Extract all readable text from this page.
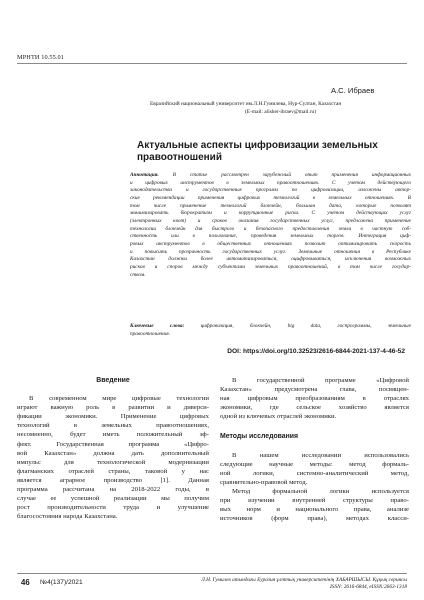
МРНТИ 10.55.01
А.С. Ибраев
Евразийский национальный университет им.Л.Н.Гумилева, Нур-Султан, Казахстан
(E-mail: alisher-ibraev@mail.ru)
Актуальные аспекты цифровизации земельных
правоотношений
Аннотация.	В статье рассмотрен зарубежный опыт применения информационных
и цифровых инструментов в земельных правоотношениях. С учетом действующего
законодательства и государственных программ по цифровизации, изложены автор-
ские рекомендации применения цифровых технологий в земельных отношениях. В
том числе применение технологий блокчейн, большая дата, которые позволят
минимизировать бюрократизм и коррупционные риски. С учетом действующих услуг
(электронных квот) и сроков оказания государственных услуг, предложена применение
технологии блокчейн для быстрого и безопасного предоставления земли в частную соб-
ственность или в пользование, проведения земельных торгов. Интеграция циф-
ровых инструментов в общественных отношениях позволит оптимизировать скорость
и повысить прозрачность государственных услуг. Земельные отношения в Республике
Казахстан должны более автоматизироваться, оцифровываться, исключения возможных
рисков и споров между субъектами земельных правоотношений, в том числе государ-
ством.
Ключевые слова:	цифровизация, блокчейн, big data, госпрограммы, земельные
правоотношения.
DOI: https://doi.org/10.32523/2616-6844-2021-137-4-46-52
Введение
В современном мире цифровые технологии
играют важную роль в развитии и диверси-
фикации экономики. Применение цифровых
технологий в земельных правоотношениях,
несомненно, будет иметь положительный эф-
фект. Государственная программа «Цифро-
вой Казахстан» должна дать дополнительный
импульс для технологической модернизации
флагманских отраслей страны, таковой у нас
является аграрное производство [1]. Данная
программа рассчитана на 2018-2022 годы, в
случае ее успешной реализации мы получим
рост производительности труда и улучшение
благосостояния народа Казахстана.
В государственной программе «Цифровой
Казахстан» предусмотрена глава, посвящен-
ная цифровым преобразованиям в отраслях
экономики, где сельское хозяйство является
одной из ключевых отраслей экономики.
Методы исследования
В нашем исследовании использовались
следующие научные методы: метод формаль-
ной логики, системно-аналитический метод,
сравнительно-правовой метод.
Метод формальной логики используется
при изучении внутренней структуры право-
вых норм и национального права, анализе
источников (форм права), методах класси-
46 №4(137)/2021	Л.Н. Гумилев атындағы Еуразия ұлттық университетінің ХАБАРШЫСЫ. Құқық сериясы
ISSN: 2616-6844, eISSN:2663-1318
